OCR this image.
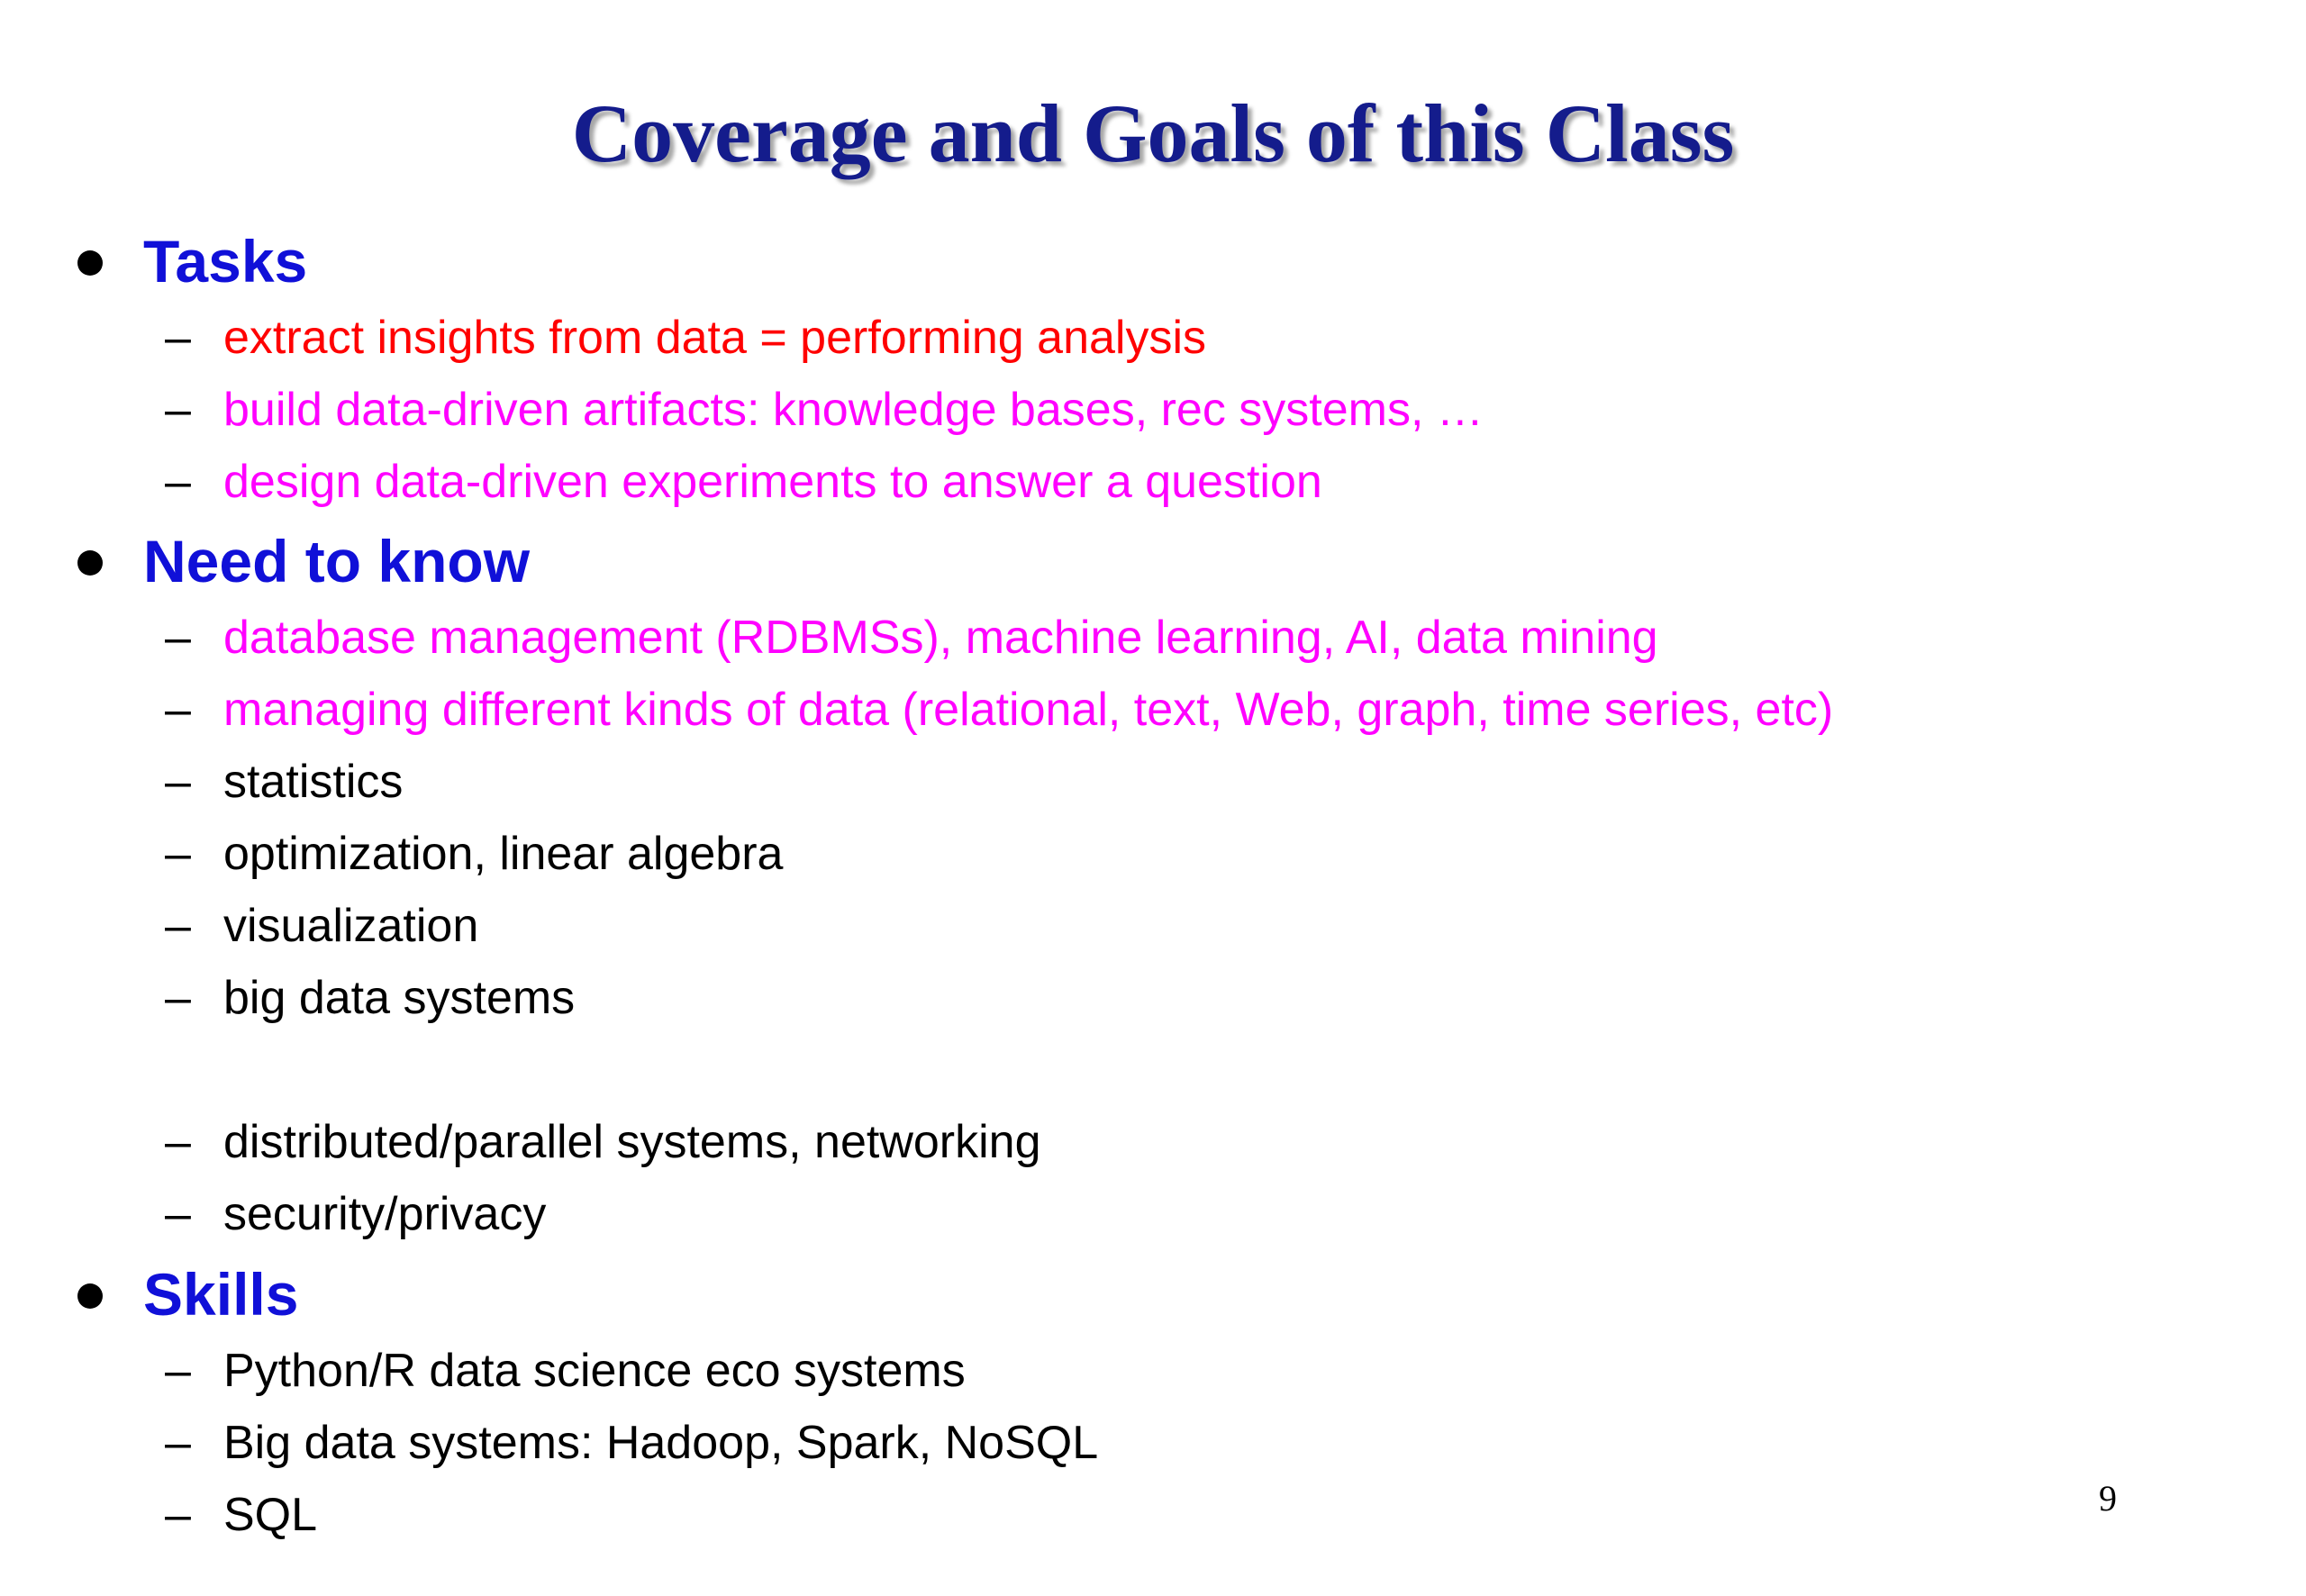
Coverage and Goals of this Class
Tasks
– extract insights from data = performing analysis
– build data-driven artifacts: knowledge bases, rec systems, …
– design data-driven experiments to answer a question
Need to know
– database management (RDBMSs), machine learning, AI, data mining
– managing different kinds of data (relational, text, Web, graph, time series, etc)
– statistics
– optimization, linear algebra
– visualization
– big data systems
– distributed/parallel systems, networking
– security/privacy
Skills
– Python/R data science eco systems
– Big data systems: Hadoop, Spark, NoSQL
– SQL	9
